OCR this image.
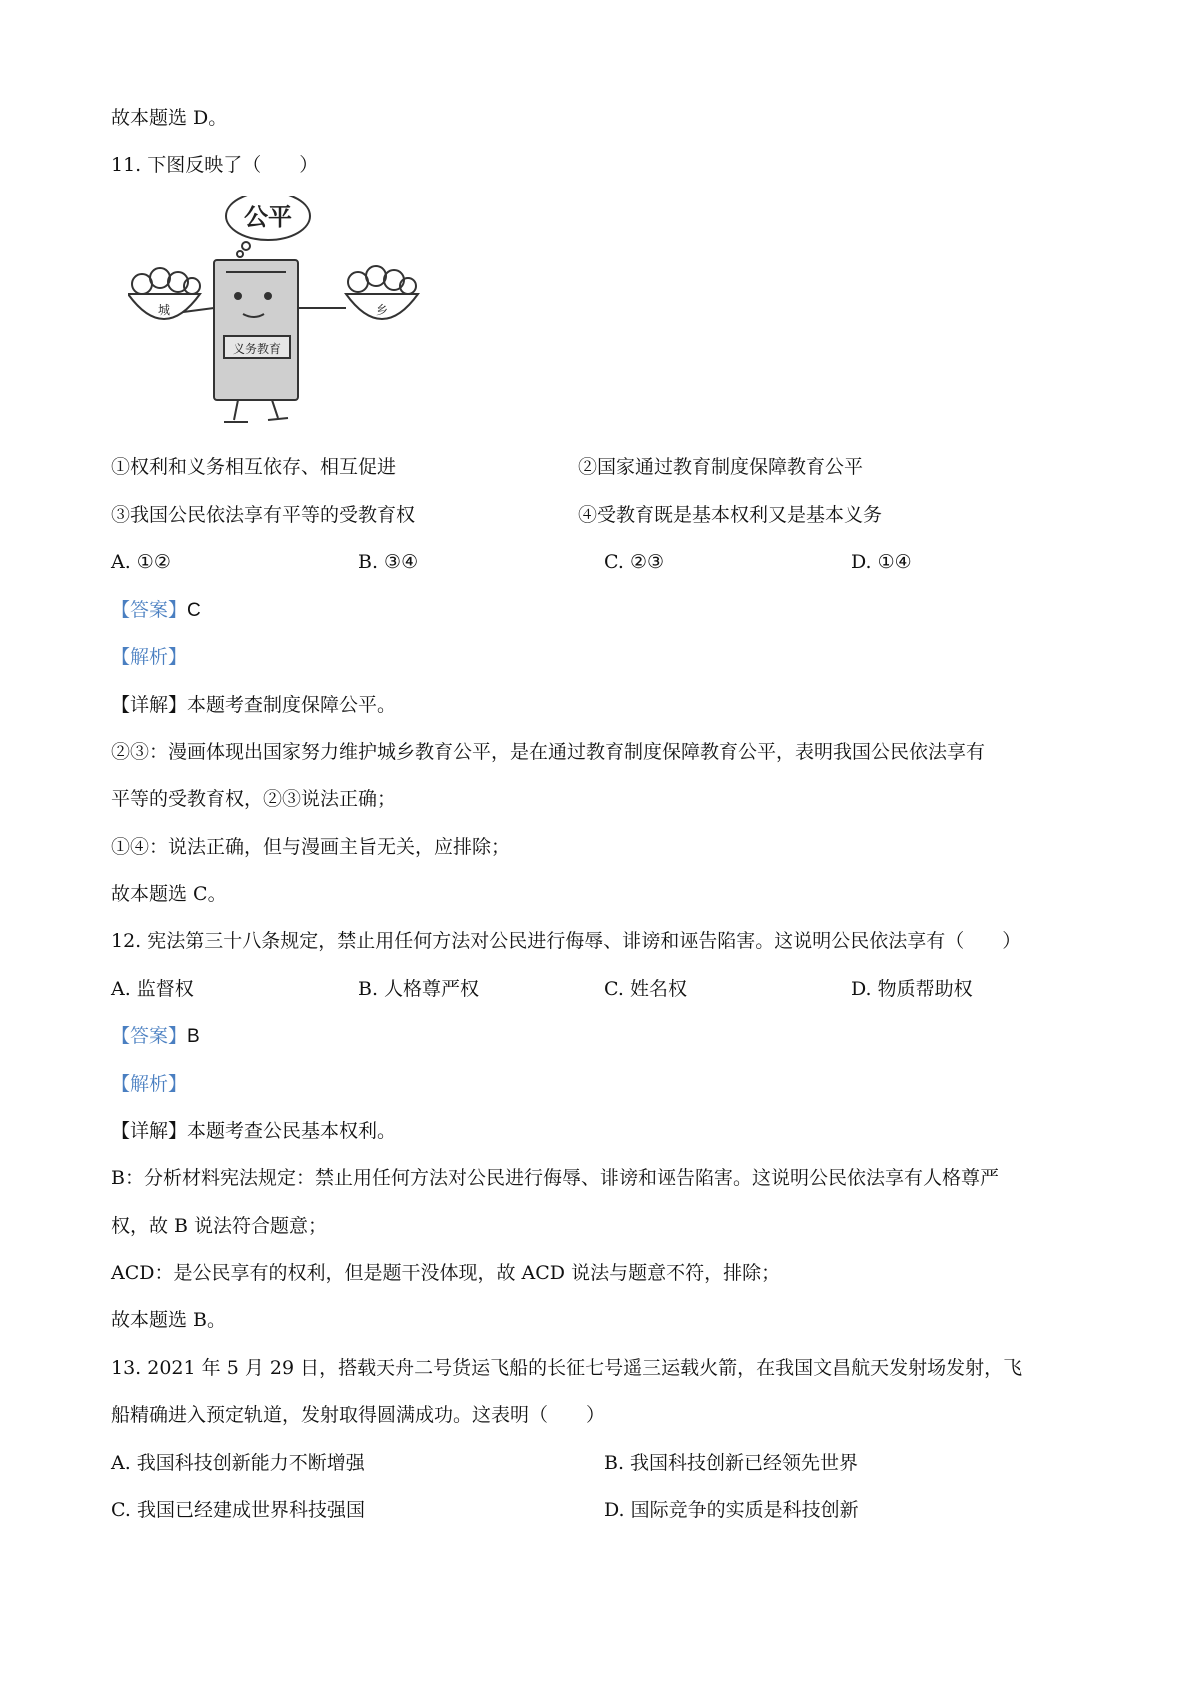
故本题选 D。
11. 下图反映了（　　）
公平
义务教育
城	乡
①权利和义务相互依存、相互促进	②国家通过教育制度保障教育公平
③我国公民依法享有平等的受教育权	④受教育既是基本权利又是基本义务
A. ①②	B. ③④	C. ②③	D. ①④
【答案】C
【解析】
【详解】本题考查制度保障公平。
②③：漫画体现出国家努力维护城乡教育公平，是在通过教育制度保障教育公平，表明我国公民依法享有
平等的受教育权，②③说法正确；
①④：说法正确，但与漫画主旨无关，应排除；
故本题选 C。
12. 宪法第三十八条规定，禁止用任何方法对公民进行侮辱、诽谤和诬告陷害。这说明公民依法享有（　　）
A. 监督权	B. 人格尊严权	C. 姓名权	D. 物质帮助权
【答案】B
【解析】
【详解】本题考查公民基本权利。
B：分析材料宪法规定：禁止用任何方法对公民进行侮辱、诽谤和诬告陷害。这说明公民依法享有人格尊严
权，故 B 说法符合题意；
ACD：是公民享有的权利，但是题干没体现，故 ACD 说法与题意不符，排除；
故本题选 B。
13. 2021 年 5 月 29 日，搭载天舟二号货运飞船的长征七号遥三运载火箭，在我国文昌航天发射场发射，飞
船精确进入预定轨道，发射取得圆满成功。这表明（　　）
A. 我国科技创新能力不断增强	B. 我国科技创新已经领先世界
C. 我国已经建成世界科技强国	D. 国际竞争的实质是科技创新
